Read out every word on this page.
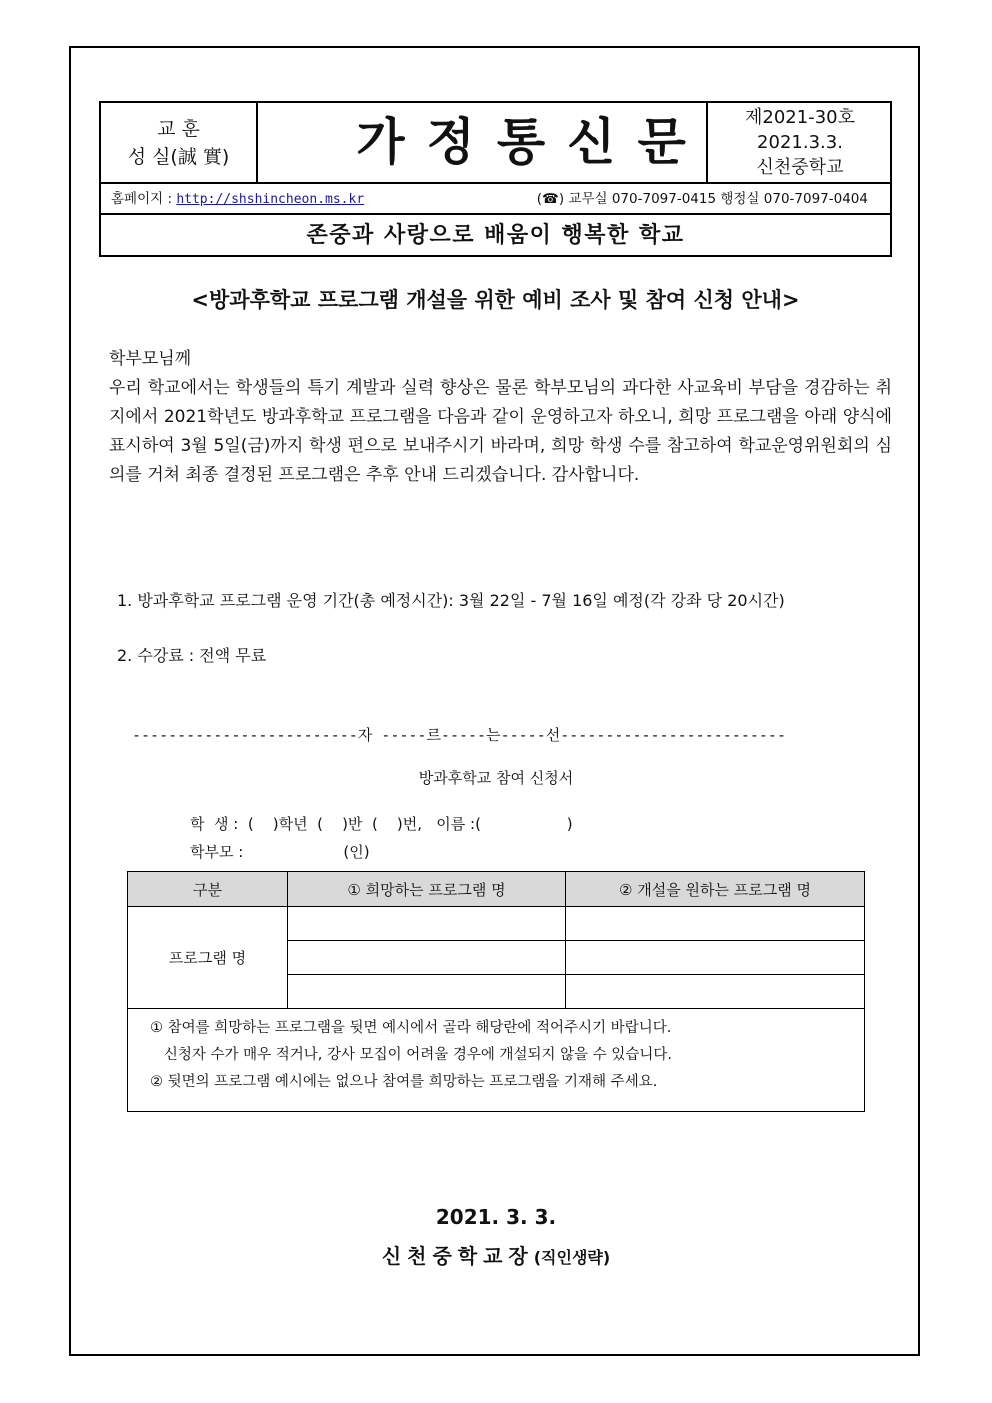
교 훈
성 실(誠 實)	가정통신문	제2021-30호
2021.3.3.
신천중학교
홈페이지 : http://shshincheon.ms.kr	(☎) 교무실 070-7097-0415 행정실 070-7097-0404
존중과 사랑으로 배움이 행복한 학교
<방과후학교 프로그램 개설을 위한 예비 조사 및 참여 신청 안내>

학부모님께

우리 학교에서는 학생들의 특기 계발과 실력 향상은 물론 학부모님의 과다한 사교육비 부담을 경감하는 취지에서 2021학년도 방과후학교 프로그램을 다음과 같이 운영하고자 하오니, 희망 프로그램을 아래 양식에 표시하여 3월 5일(금)까지 학생 편으로 보내주시기 바라며, 희망 학생 수를 참고하여 학교운영위원회의 심의를 거쳐 최종 결정된 프로그램은 추후 안내 드리겠습니다. 감사합니다.

1. 방과후학교 프로그램 운영 기간(총 예정시간): 3월 22일 - 7월 16일 예정(각 강좌 당 20시간)
2. 수강료 : 전액 무료
-------------------------자 -----르-----는-----선-------------------------
방과후학교 참여 신청서
학  생 :  (    )학년  (    )반  (    )번,   이름 :(                  )
학부모 :                     (인)
구분	① 희망하는 프로그램 명	② 개설을 원하는 프로그램 명
프로그램 명		

① 참여를 희망하는 프로그램을 뒷면 예시에서 골라 해당란에 적어주시기 바랍니다.
신청자 수가 매우 적거나, 강사 모집이 어려울 경우에 개설되지 않을 수 있습니다.
② 뒷면의 프로그램 예시에는 없으나 참여를 희망하는 프로그램을 기재해 주세요.
2021. 3. 3.
신천중학교장(직인생략)
